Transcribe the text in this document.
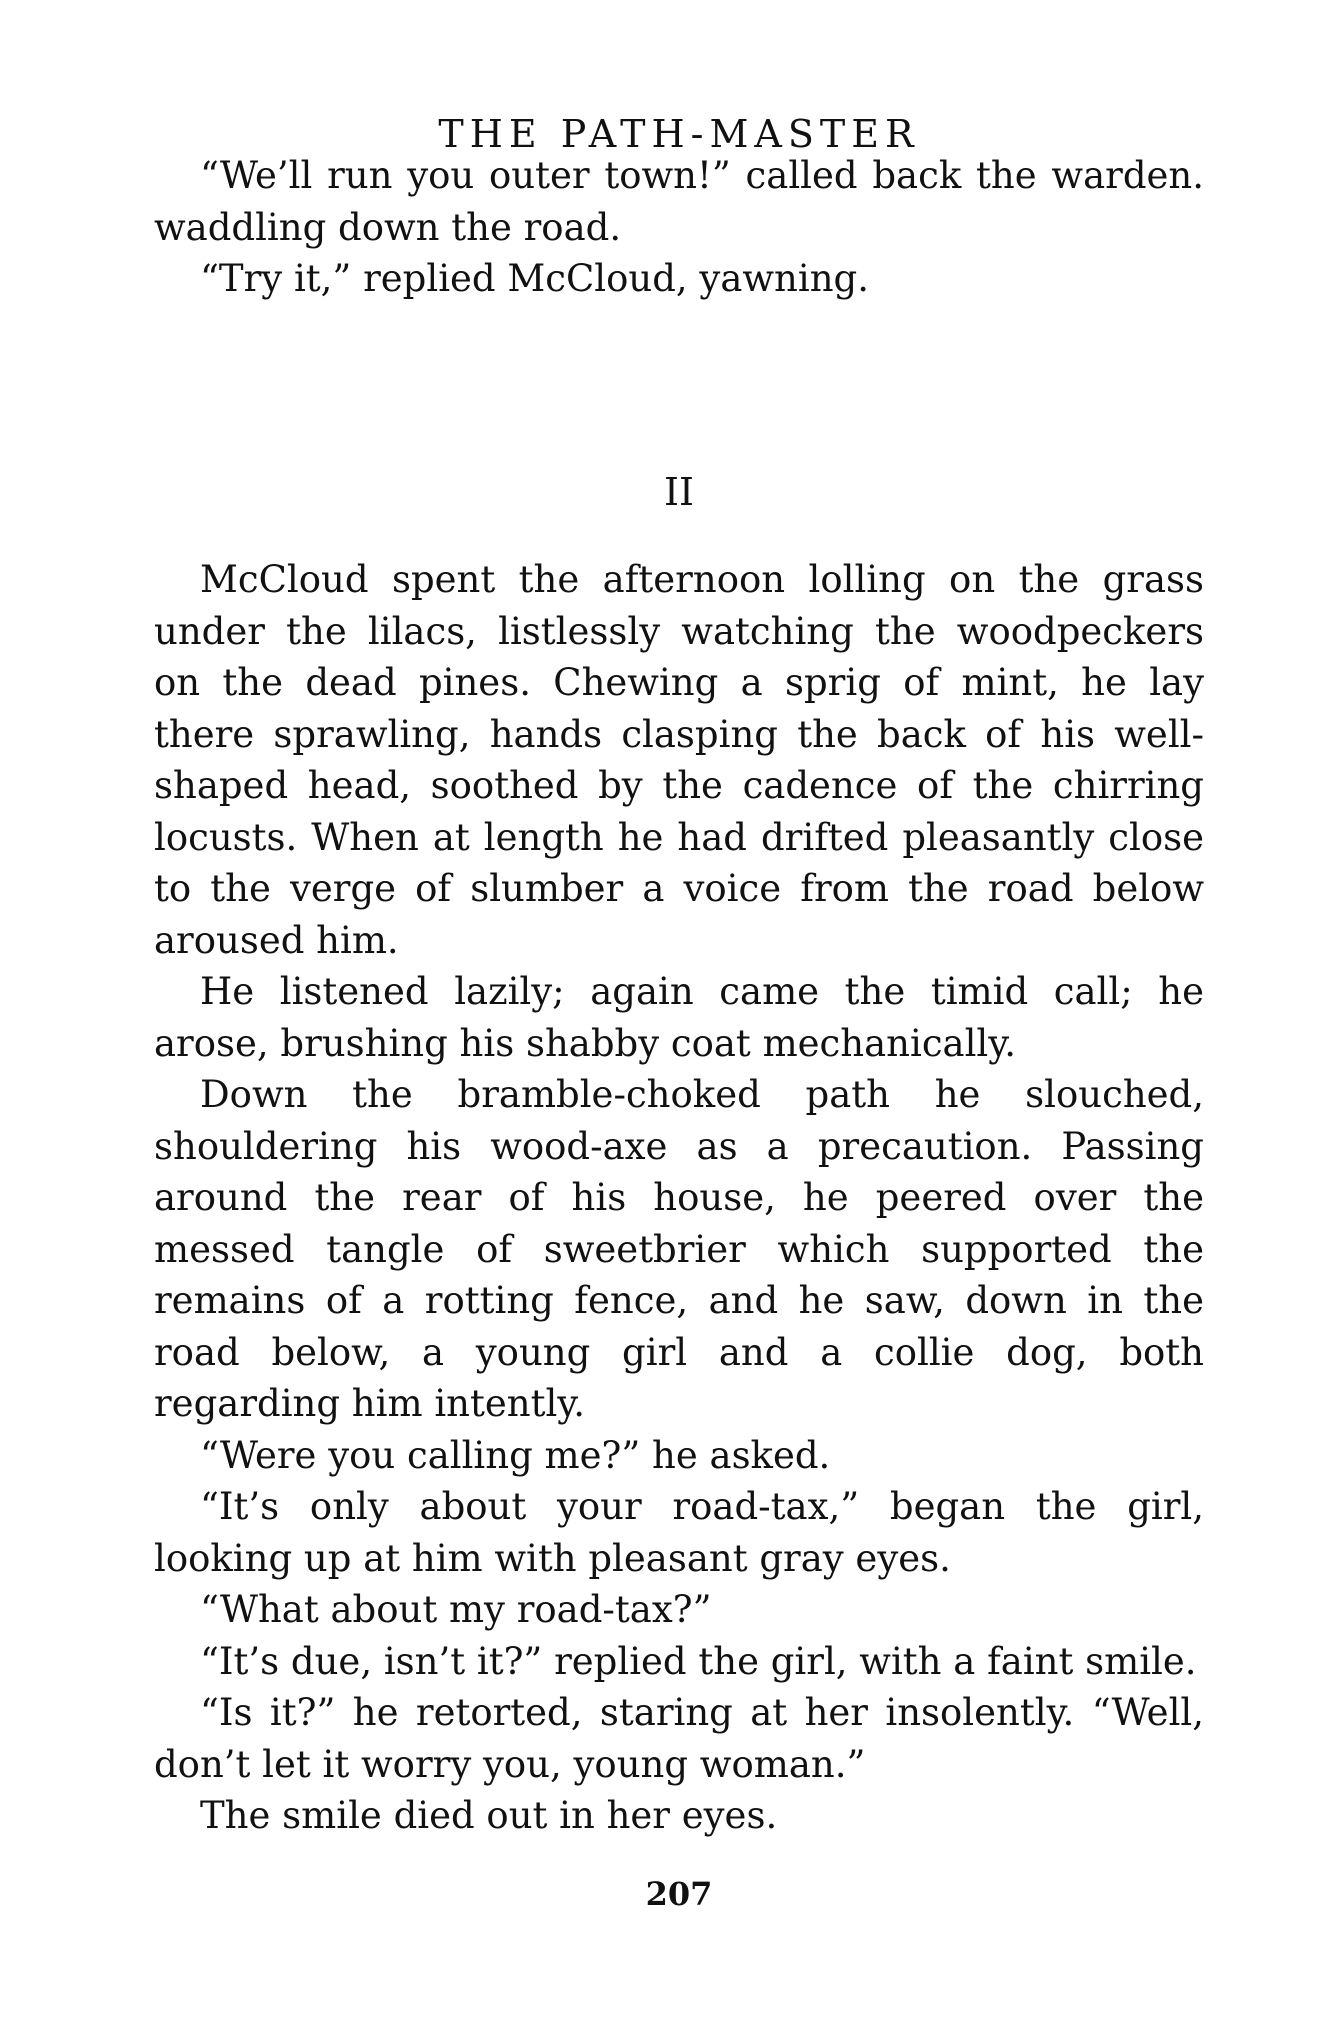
THE PATH-MASTER

“We’ll run you outer town!” called back the warden. waddling down the road.

“Try it,” replied McCloud, yawning.

II

McCloud spent the afternoon lolling on the grass under the lilacs, listlessly watching the woodpeckers on the dead pines. Chewing a sprig of mint, he lay there sprawling, hands clasping the back of his well-shaped head, soothed by the cadence of the chirring locusts. When at length he had drifted pleasantly close to the verge of slumber a voice from the road below aroused him.

He listened lazily; again came the timid call; he arose, brushing his shabby coat mechanically.

Down the bramble-choked path he slouched, shouldering his wood-axe as a precaution. Passing around the rear of his house, he peered over the messed tangle of sweetbrier which supported the remains of a rotting fence, and he saw, down in the road below, a young girl and a collie dog, both regarding him intently.

“Were you calling me?” he asked.

“It’s only about your road-tax,” began the girl, looking up at him with pleasant gray eyes.

“What about my road-tax?”

“It’s due, isn’t it?” replied the girl, with a faint smile.

“Is it?” he retorted, staring at her insolently. “Well, don’t let it worry you, young woman.”

The smile died out in her eyes.

207
